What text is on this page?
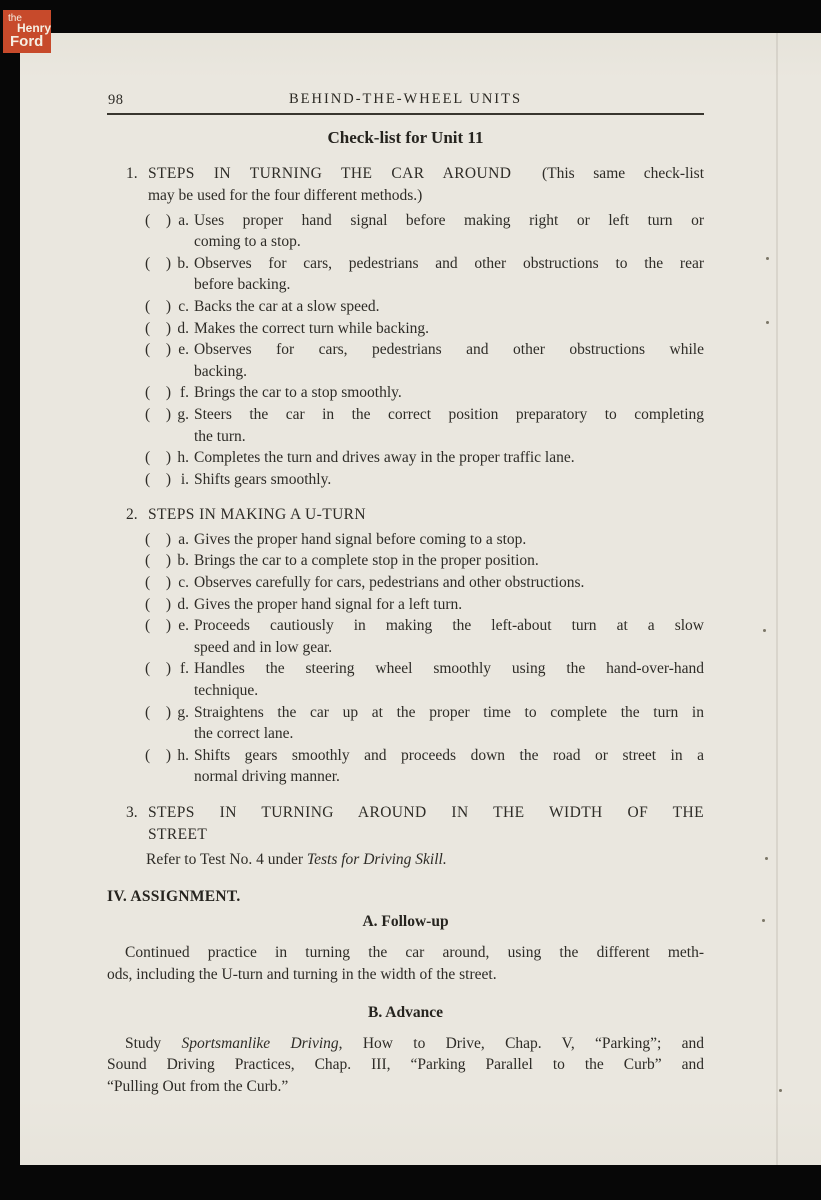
98	BEHIND-THE-WHEEL UNITS
Check-list for Unit 11
1. STEPS IN TURNING THE CAR AROUND (This same check-list
may be used for the four different methods.)
( ) a. Uses proper hand signal before making right or left turn or
coming to a stop.
( ) b. Observes for cars, pedestrians and other obstructions to the rear
before backing.
( ) c. Backs the car at a slow speed.
( ) d. Makes the correct turn while backing.
( ) e. Observes for cars, pedestrians and other obstructions while
backing.
( ) f. Brings the car to a stop smoothly.
( ) g. Steers the car in the correct position preparatory to completing
the turn.
( ) h. Completes the turn and drives away in the proper traffic lane.
( ) i. Shifts gears smoothly.
2. STEPS IN MAKING A U-TURN
( ) a. Gives the proper hand signal before coming to a stop.
( ) b. Brings the car to a complete stop in the proper position.
( ) c. Observes carefully for cars, pedestrians and other obstructions.
( ) d. Gives the proper hand signal for a left turn.
( ) e. Proceeds cautiously in making the left-about turn at a slow
speed and in low gear.
( ) f. Handles the steering wheel smoothly using the hand-over-hand
technique.
( ) g. Straightens the car up at the proper time to complete the turn in
the correct lane.
( ) h. Shifts gears smoothly and proceeds down the road or street in a
normal driving manner.
3. STEPS IN TURNING AROUND IN THE WIDTH OF THE
STREET
Refer to Test No. 4 under Tests for Driving Skill.
IV. ASSIGNMENT.
A. Follow-up
Continued practice in turning the car around, using the different meth-
ods, including the U-turn and turning in the width of the street.
B. Advance
Study Sportsmanlike Driving, How to Drive, Chap. V, “Parking”; and
Sound Driving Practices, Chap. III, “Parking Parallel to the Curb” and
“Pulling Out from the Curb.”
the
Henry
Ford
